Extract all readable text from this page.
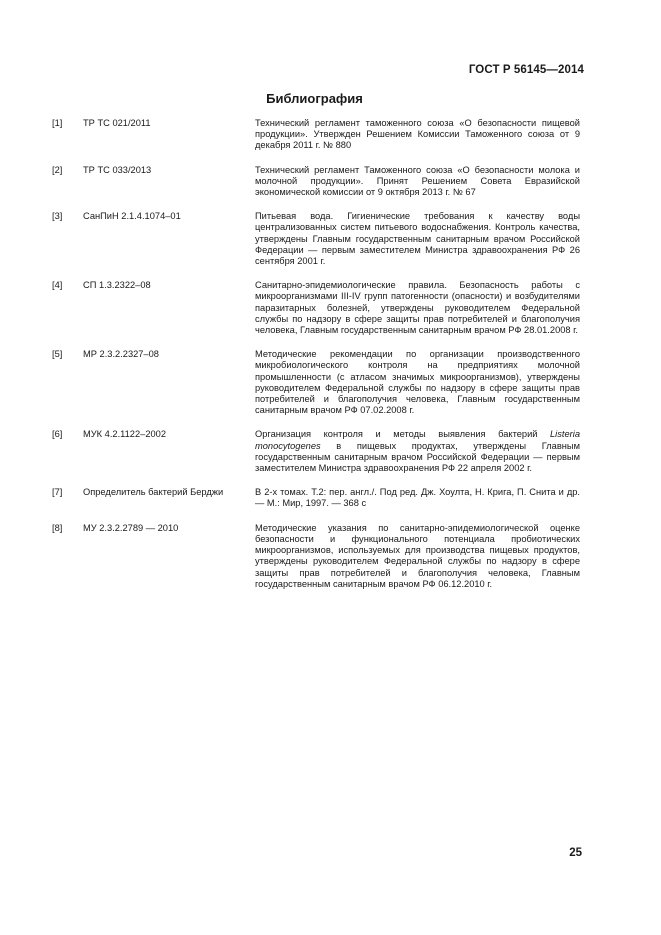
ГОСТ Р 56145—2014
Библиография
[1] ТР ТС 021/2011	Технический регламент таможенного союза «О безопасности пищевой продукции». Утвержден Решением Комиссии Таможенного союза от 9 декабря 2011 г. № 880
[2] ТР ТС 033/2013	Технический регламент Таможенного союза «О безопасности молока и молочной продукции». Принят Решением Совета Евразийской экономической комиссии от 9 октября 2013 г. № 67
[3] СанПиН 2.1.4.1074–01	Питьевая вода. Гигиенические требования к качеству воды централизованных систем питьевого водоснабжения. Контроль качества, утверждены Главным государственным санитарным врачом Российской Федерации — первым заместителем Министра здравоохранения РФ 26 сентября 2001 г.
[4] СП 1.3.2322–08	Санитарно-эпидемиологические правила. Безопасность работы с микроорганизмами III-IV групп патогенности (опасности) и возбудителями паразитарных болезней, утверждены руководителем Федеральной службы по надзору в сфере защиты прав потребителей и благополучия человека, Главным государственным санитарным врачом РФ 28.01.2008 г.
[5] МР 2.3.2.2327–08	Методические рекомендации по организации производственного микробиологического контроля на предприятиях молочной промышленности (с атласом значимых микроорганизмов), утверждены руководителем Федеральной службы по надзору в сфере защиты прав потребителей и благополучия человека, Главным государственным санитарным врачом РФ 07.02.2008 г.
[6] МУК 4.2.1122–2002	Организация контроля и методы выявления бактерий Listeria monocytogenes в пищевых продуктах, утверждены Главным государственным санитарным врачом Российской Федерации — первым заместителем Министра здравоохранения РФ 22 апреля 2002 г.
[7] Определитель бактерий Берджи	В 2-х томах. Т.2: пер. англ./. Под ред. Дж. Хоулта, Н. Крига, П. Снита и др. — М.: Мир, 1997. — 368 с
[8] МУ 2.3.2.2789 — 2010	Методические указания по санитарно-эпидемиологической оценке безопасности и функционального потенциала пробиотических микроорганизмов, используемых для производства пищевых продуктов, утверждены руководителем Федеральной службы по надзору в сфере защиты прав потребителей и благополучия человека, Главным государственным санитарным врачом РФ 06.12.2010 г.
25
